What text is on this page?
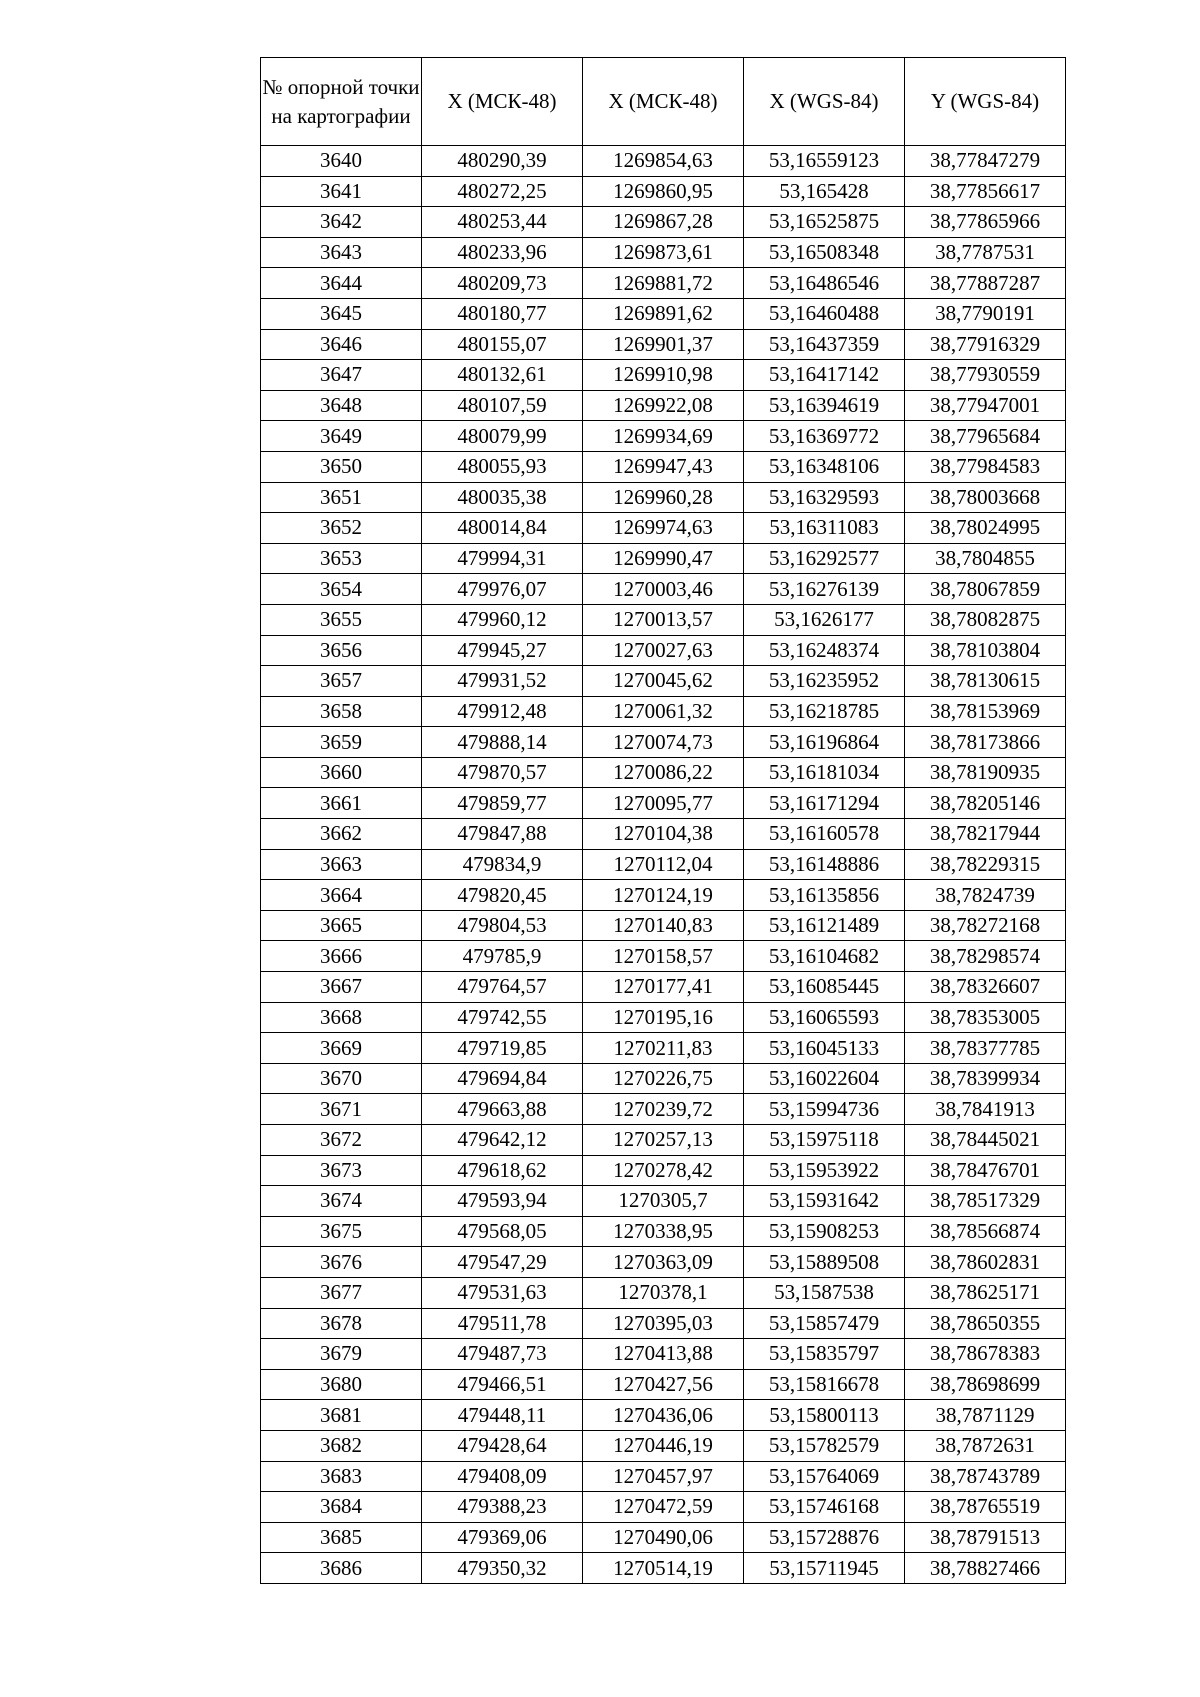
№ опорной точки на картографии	X (МСК-48)	X (МСК-48)	X (WGS-84)	Y (WGS-84)
3640	480290,39	1269854,63	53,16559123	38,77847279
3641	480272,25	1269860,95	53,165428	38,77856617
3642	480253,44	1269867,28	53,16525875	38,77865966
3643	480233,96	1269873,61	53,16508348	38,7787531
3644	480209,73	1269881,72	53,16486546	38,77887287
3645	480180,77	1269891,62	53,16460488	38,7790191
3646	480155,07	1269901,37	53,16437359	38,77916329
3647	480132,61	1269910,98	53,16417142	38,77930559
3648	480107,59	1269922,08	53,16394619	38,77947001
3649	480079,99	1269934,69	53,16369772	38,77965684
3650	480055,93	1269947,43	53,16348106	38,77984583
3651	480035,38	1269960,28	53,16329593	38,78003668
3652	480014,84	1269974,63	53,16311083	38,78024995
3653	479994,31	1269990,47	53,16292577	38,7804855
3654	479976,07	1270003,46	53,16276139	38,78067859
3655	479960,12	1270013,57	53,1626177	38,78082875
3656	479945,27	1270027,63	53,16248374	38,78103804
3657	479931,52	1270045,62	53,16235952	38,78130615
3658	479912,48	1270061,32	53,16218785	38,78153969
3659	479888,14	1270074,73	53,16196864	38,78173866
3660	479870,57	1270086,22	53,16181034	38,78190935
3661	479859,77	1270095,77	53,16171294	38,78205146
3662	479847,88	1270104,38	53,16160578	38,78217944
3663	479834,9	1270112,04	53,16148886	38,78229315
3664	479820,45	1270124,19	53,16135856	38,7824739
3665	479804,53	1270140,83	53,16121489	38,78272168
3666	479785,9	1270158,57	53,16104682	38,78298574
3667	479764,57	1270177,41	53,16085445	38,78326607
3668	479742,55	1270195,16	53,16065593	38,78353005
3669	479719,85	1270211,83	53,16045133	38,78377785
3670	479694,84	1270226,75	53,16022604	38,78399934
3671	479663,88	1270239,72	53,15994736	38,7841913
3672	479642,12	1270257,13	53,15975118	38,78445021
3673	479618,62	1270278,42	53,15953922	38,78476701
3674	479593,94	1270305,7	53,15931642	38,78517329
3675	479568,05	1270338,95	53,15908253	38,78566874
3676	479547,29	1270363,09	53,15889508	38,78602831
3677	479531,63	1270378,1	53,1587538	38,78625171
3678	479511,78	1270395,03	53,15857479	38,78650355
3679	479487,73	1270413,88	53,15835797	38,78678383
3680	479466,51	1270427,56	53,15816678	38,78698699
3681	479448,11	1270436,06	53,15800113	38,7871129
3682	479428,64	1270446,19	53,15782579	38,7872631
3683	479408,09	1270457,97	53,15764069	38,78743789
3684	479388,23	1270472,59	53,15746168	38,78765519
3685	479369,06	1270490,06	53,15728876	38,78791513
3686	479350,32	1270514,19	53,15711945	38,78827466
